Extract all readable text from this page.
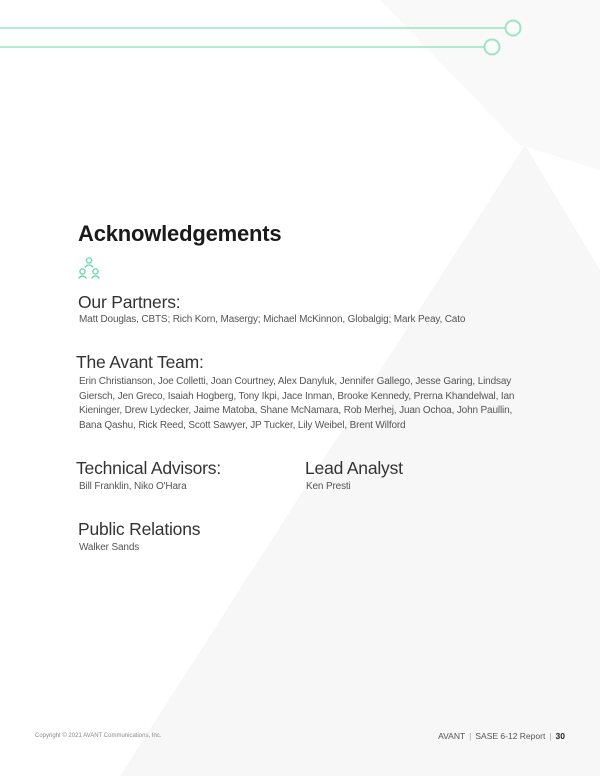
Acknowledgements
Our Partners:

Matt Douglas, CBTS; Rich Korn, Masergy; Michael McKinnon, Globalgig; Mark Peay, Cato

The Avant Team:

Erin Christianson, Joe Colletti, Joan Courtney, Alex Danyluk, Jennifer Gallego, Jesse Garing, Lindsay Giersch, Jen Greco, Isaiah Hogberg, Tony Ikpi, Jace Inman, Brooke Kennedy, Prerna Khandelwal, Ian Kieninger, Drew Lydecker, Jaime Matoba, Shane McNamara, Rob Merhej, Juan Ochoa, John Paullin, Bana Qashu, Rick Reed, Scott Sawyer, JP Tucker, Lily Weibel, Brent Wilford

Technical Advisors:

Bill Franklin, Niko O'Hara

Lead Analyst

Ken Presti

Public Relations

Walker Sands

Copyright © 2021 AVANT Communications, Inc.	AVANT | SASE 6-12 Report | 30
